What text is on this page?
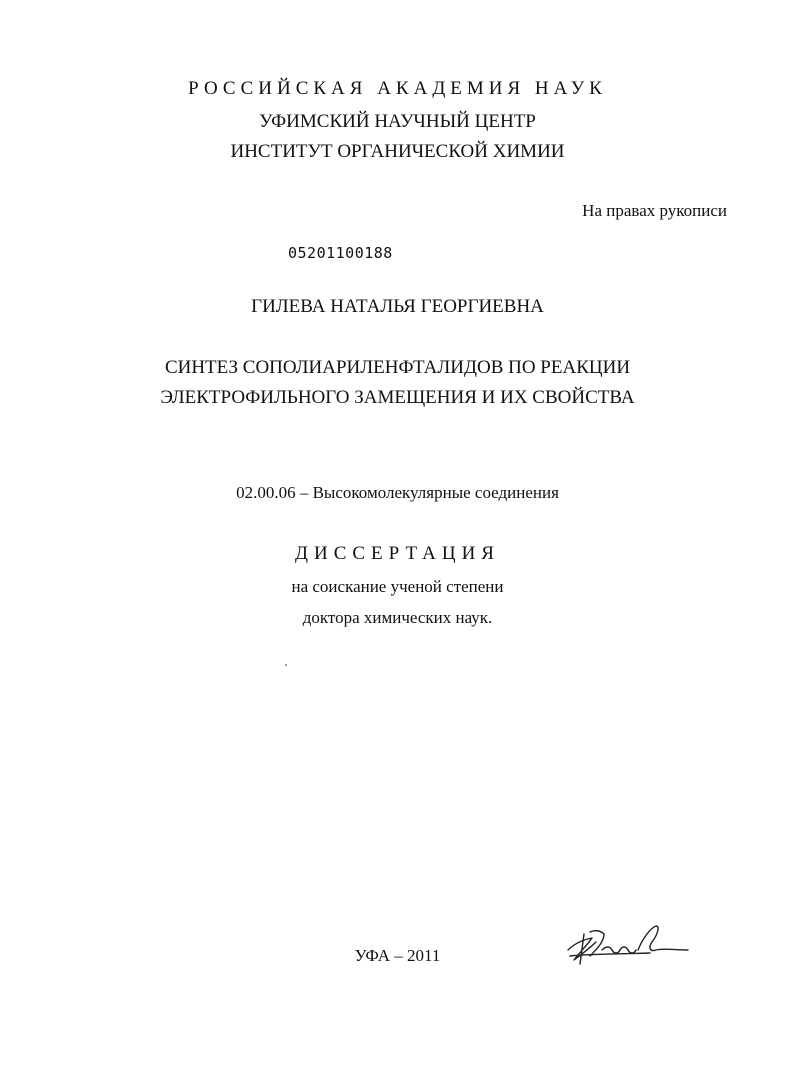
РОССИЙСКАЯ АКАДЕМИЯ НАУК
УФИМСКИЙ НАУЧНЫЙ ЦЕНТР
ИНСТИТУТ ОРГАНИЧЕСКОЙ ХИМИИ
На правах рукописи
05201100188
ГИЛЕВА НАТАЛЬЯ ГЕОРГИЕВНА
СИНТЕЗ СОПОЛИАРИЛЕНФТАЛИДОВ ПО РЕАКЦИИ
ЭЛЕКТРОФИЛЬНОГО ЗАМЕЩЕНИЯ И ИХ СВОЙСТВА
02.00.06 – Высокомолекулярные соединения
ДИССЕРТАЦИЯ
на соискание ученой степени
доктора химических наук.
УФА – 2011
